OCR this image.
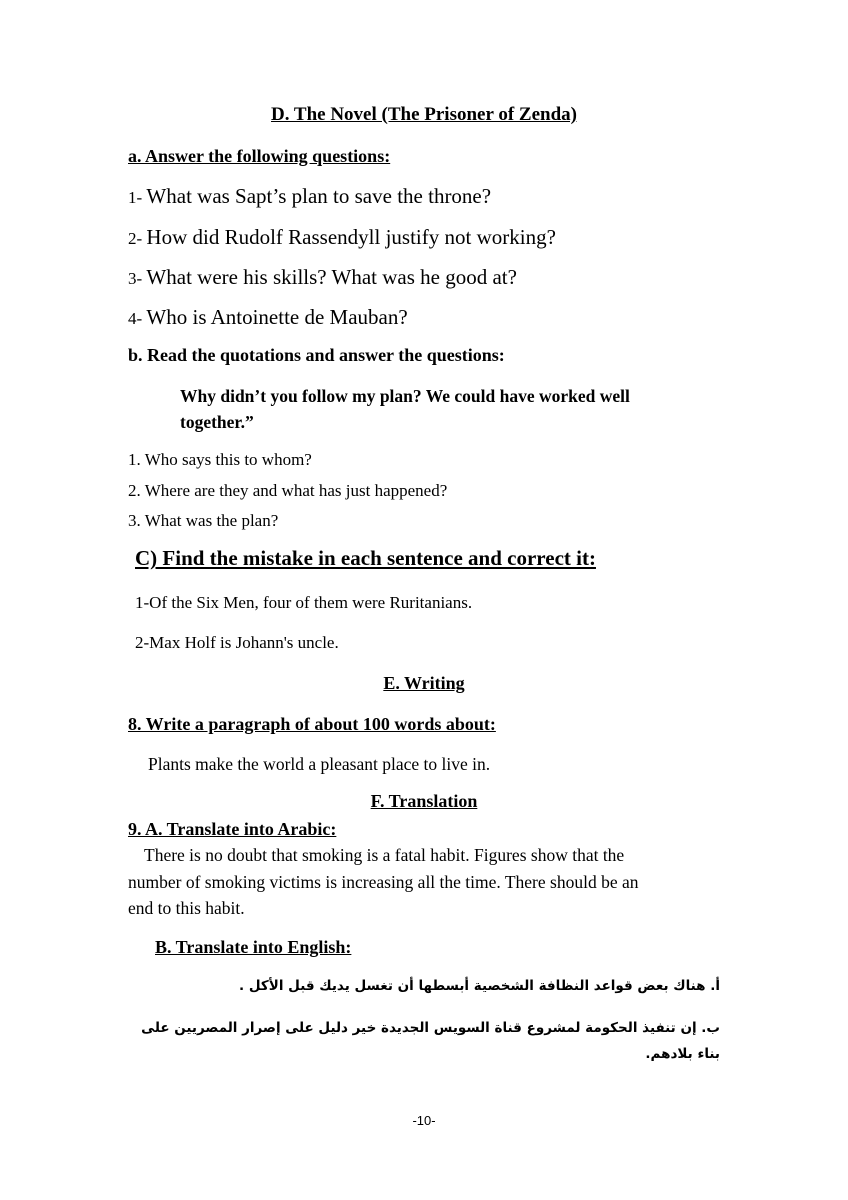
D. The Novel (The Prisoner of Zenda)
a. Answer the following questions:
1- What was Sapt’s plan to save the throne?
2- How did Rudolf Rassendyll justify not working?
3- What were his skills? What was he good at?
4- Who is Antoinette de Mauban?
b. Read the quotations and answer the questions:
Why didn’t you follow my plan? We could have worked well
together.”
1. Who says this to whom?
2. Where are they and what has just happened?
3. What was the plan?
C) Find the mistake in each sentence and correct it:
1-Of the Six Men, four of them were Ruritanians.
2-Max Holf is Johann's uncle.
E. Writing
8. Write a paragraph of about 100 words about:
Plants make the world a pleasant place to live in.
F. Translation
9. A. Translate into Arabic:
There is no doubt that smoking is a fatal habit. Figures show that the
number of smoking victims is increasing all the time. There should be an
end to this habit.
B. Translate into English:
أ. هناك بعض قواعد النظافة الشخصية أبسطها أن تغسل يديك قبل الأكل .
ب. إن تنفيذ الحكومة لمشروع قناة السويس الجديدة خير دليل على إصرار المصريين على
بناء بلادهم.
-10-
